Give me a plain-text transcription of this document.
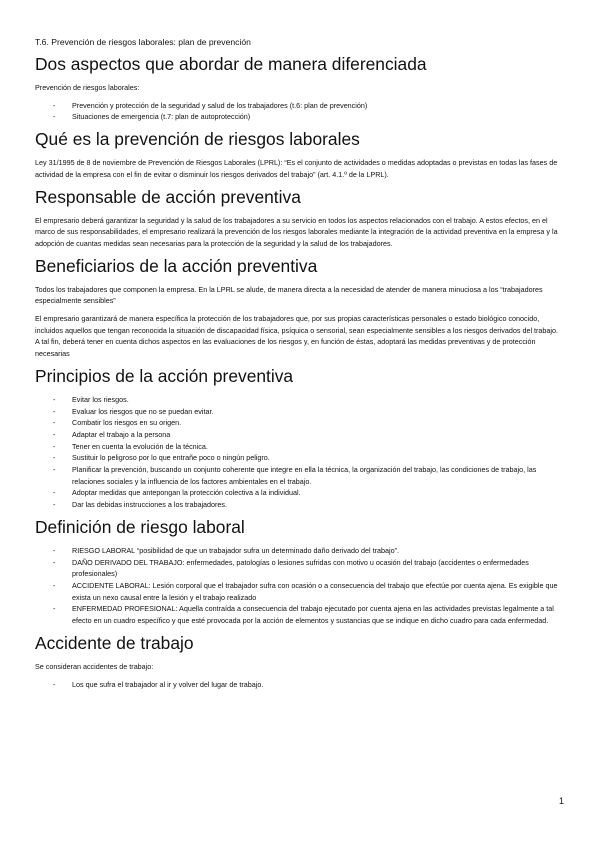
T.6. Prevención de riesgos laborales: plan de prevención
Dos aspectos que abordar de manera diferenciada

Prevención de riesgos laborales:

- Prevención y protección de la seguridad y salud de los trabajadores (t.6: plan de prevención)
- Situaciones de emergencia (t.7: plan de autoprotección)
Qué es la prevención de riesgos laborales

Ley 31/1995 de 8 de noviembre de Prevención de Riesgos Laborales (LPRL): “Es el conjunto de actividades o medidas adoptadas o previstas en todas las fases de actividad de la empresa con el fin de evitar o disminuir los riesgos derivados del trabajo” (art. 4.1.º de la LPRL).

Responsable de acción preventiva

El empresario deberá garantizar la seguridad y la salud de los trabajadores a su servicio en todos los aspectos relacionados con el trabajo. A estos efectos, en el marco de sus responsabilidades, el empresario realizará la prevención de los riesgos laborales mediante la integración de la actividad preventiva en la empresa y la adopción de cuantas medidas sean necesarias para la protección de la seguridad y la salud de los trabajadores.

Beneficiarios de la acción preventiva

Todos los trabajadores que componen la empresa. En la LPRL se alude, de manera directa a la necesidad de atender de manera minuciosa a los “trabajadores especialmente sensibles”

El empresario garantizará de manera específica la protección de los trabajadores que, por sus propias características personales o estado biológico conocido, incluidos aquellos que tengan reconocida la situación de discapacidad física, psíquica o sensorial, sean especialmente sensibles a los riesgos derivados del trabajo. A tal fin, deberá tener en cuenta dichos aspectos en las evaluaciones de los riesgos y, en función de éstas, adoptará las medidas preventivas y de protección necesarias

Principios de la acción preventiva
- Evitar los riesgos.
- Evaluar los riesgos que no se puedan evitar.
- Combatir los riesgos en su origen.
- Adaptar el trabajo a la persona
- Tener en cuenta la evolución de la técnica.
- Sustituir lo peligroso por lo que entrañe poco o ningún peligro.
- Planificar la prevención, buscando un conjunto coherente que integre en ella la técnica, la organización del trabajo, las condiciones de trabajo, las relaciones sociales y la influencia de los factores ambientales en el trabajo.
- Adoptar medidas que antepongan la protección colectiva a la individual.
- Dar las debidas instrucciones a los trabajadores.
Definición de riesgo laboral
- RIESGO LABORAL “posibilidad de que un trabajador sufra un determinado daño derivado del trabajo”.
- DAÑO DERIVADO DEL TRABAJO: enfermedades, patologías o lesiones sufridas con motivo u ocasión del trabajo (accidentes o enfermedades profesionales)
- ACCIDENTE LABORAL: Lesión corporal que el trabajador sufra con ocasión o a consecuencia del trabajo que efectúe por cuenta ajena. Es exigible que exista un nexo causal entre la lesión y el trabajo realizado
- ENFERMEDAD PROFESIONAL: Aquella contraída a consecuencia del trabajo ejecutado por cuenta ajena en las actividades previstas legalmente a tal efecto en un cuadro específico y que esté provocada por la acción de elementos y sustancias que se indique en dicho cuadro para cada enfermedad.
Accidente de trabajo

Se consideran accidentes de trabajo:

- Los que sufra el trabajador al ir y volver del lugar de trabajo.
1
